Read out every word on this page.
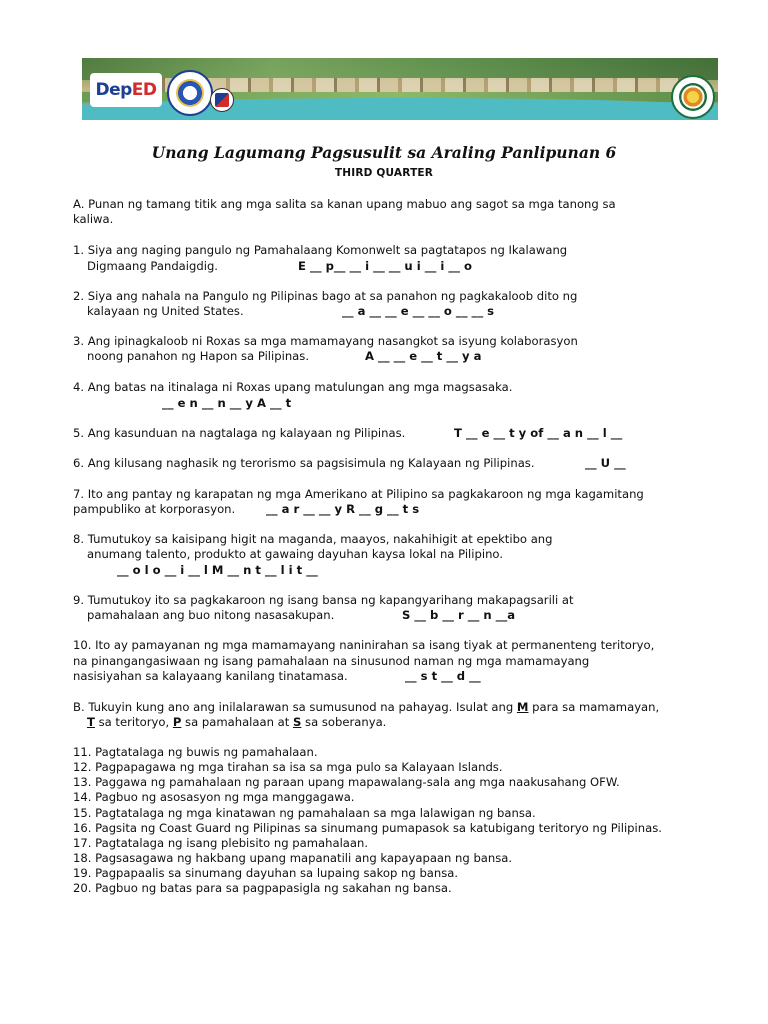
DepED
Unang Lagumang Pagsusulit sa Araling Panlipunan 6
THIRD QUARTER
A. Punan ng tamang titik ang mga salita sa kanan upang mabuo ang sagot sa mga tanong sa
kaliwa.
1. Siya ang naging pangulo ng Pamahalaang Komonwelt sa pagtatapos ng Ikalawang
Digmaang Pandaigdig.	E __ p__ __ i __ __ u i __ i __ o
2. Siya ang nahala na Pangulo ng Pilipinas bago at sa panahon ng pagkakaloob dito ng
kalayaan ng United States.	__ a __ __ e __ __ o __ __ s
3. Ang ipinagkaloob ni Roxas sa mga mamamayang nasangkot sa isyung kolaborasyon
noong panahon ng Hapon sa Pilipinas.	A __ __ e __ t __ y a
4. Ang batas na itinalaga ni Roxas upang matulungan ang mga magsasaka.
__ e n __ n __ y A __ t
5. Ang kasunduan na nagtalaga ng kalayaan ng Pilipinas.	T __ e __ t y of __ a n __ l __
6. Ang kilusang naghasik ng terorismo sa pagsisimula ng Kalayaan ng Pilipinas.	__ U __
7. Ito ang pantay ng karapatan ng mga Amerikano at Pilipino sa pagkakaroon ng mga kagamitang
pampubliko at korporasyon.	__ a r __ __ y R __ g __ t s
8. Tumutukoy sa kaisipang higit na maganda, maayos, nakahihigit at epektibo ang
anumang talento, produkto at gawaing dayuhan kaysa lokal na Pilipino.
__ o l o __ i __ l M __ n t __ l i t __
9. Tumutukoy ito sa pagkakaroon ng isang bansa ng kapangyarihang makapagsarili at
pamahalaan ang buo nitong nasasakupan.	S __ b __ r __ n __a
10. Ito ay pamayanan ng mga mamamayang naninirahan sa isang tiyak at permanenteng teritoryo,
na pinangangasiwaan ng isang pamahalaan na sinusunod naman ng mga mamamayang
nasisiyahan sa kalayaang kanilang tinatamasa.	__ s t __ d __
B. Tukuyin kung ano ang inilalarawan sa sumusunod na pahayag. Isulat ang M para sa mamamayan,
T sa teritoryo, P sa pamahalaan at S sa soberanya.
11. Pagtatalaga ng buwis ng pamahalaan.
12. Pagpapagawa ng mga tirahan sa isa sa mga pulo sa Kalayaan Islands.
13. Paggawa ng pamahalaan ng paraan upang mapawalang-sala ang mga naakusahang OFW.
14. Pagbuo ng asosasyon ng mga manggagawa.
15. Pagtatalaga ng mga kinatawan ng pamahalaan sa mga lalawigan ng bansa.
16. Pagsita ng Coast Guard ng Pilipinas sa sinumang pumapasok sa katubigang teritoryo ng Pilipinas.
17. Pagtatalaga ng isang plebisito ng pamahalaan.
18. Pagsasagawa ng hakbang upang mapanatili ang kapayapaan ng bansa.
19. Pagpapaalis sa sinumang dayuhan sa lupaing sakop ng bansa.
20. Pagbuo ng batas para sa pagpapasigla ng sakahan ng bansa.
